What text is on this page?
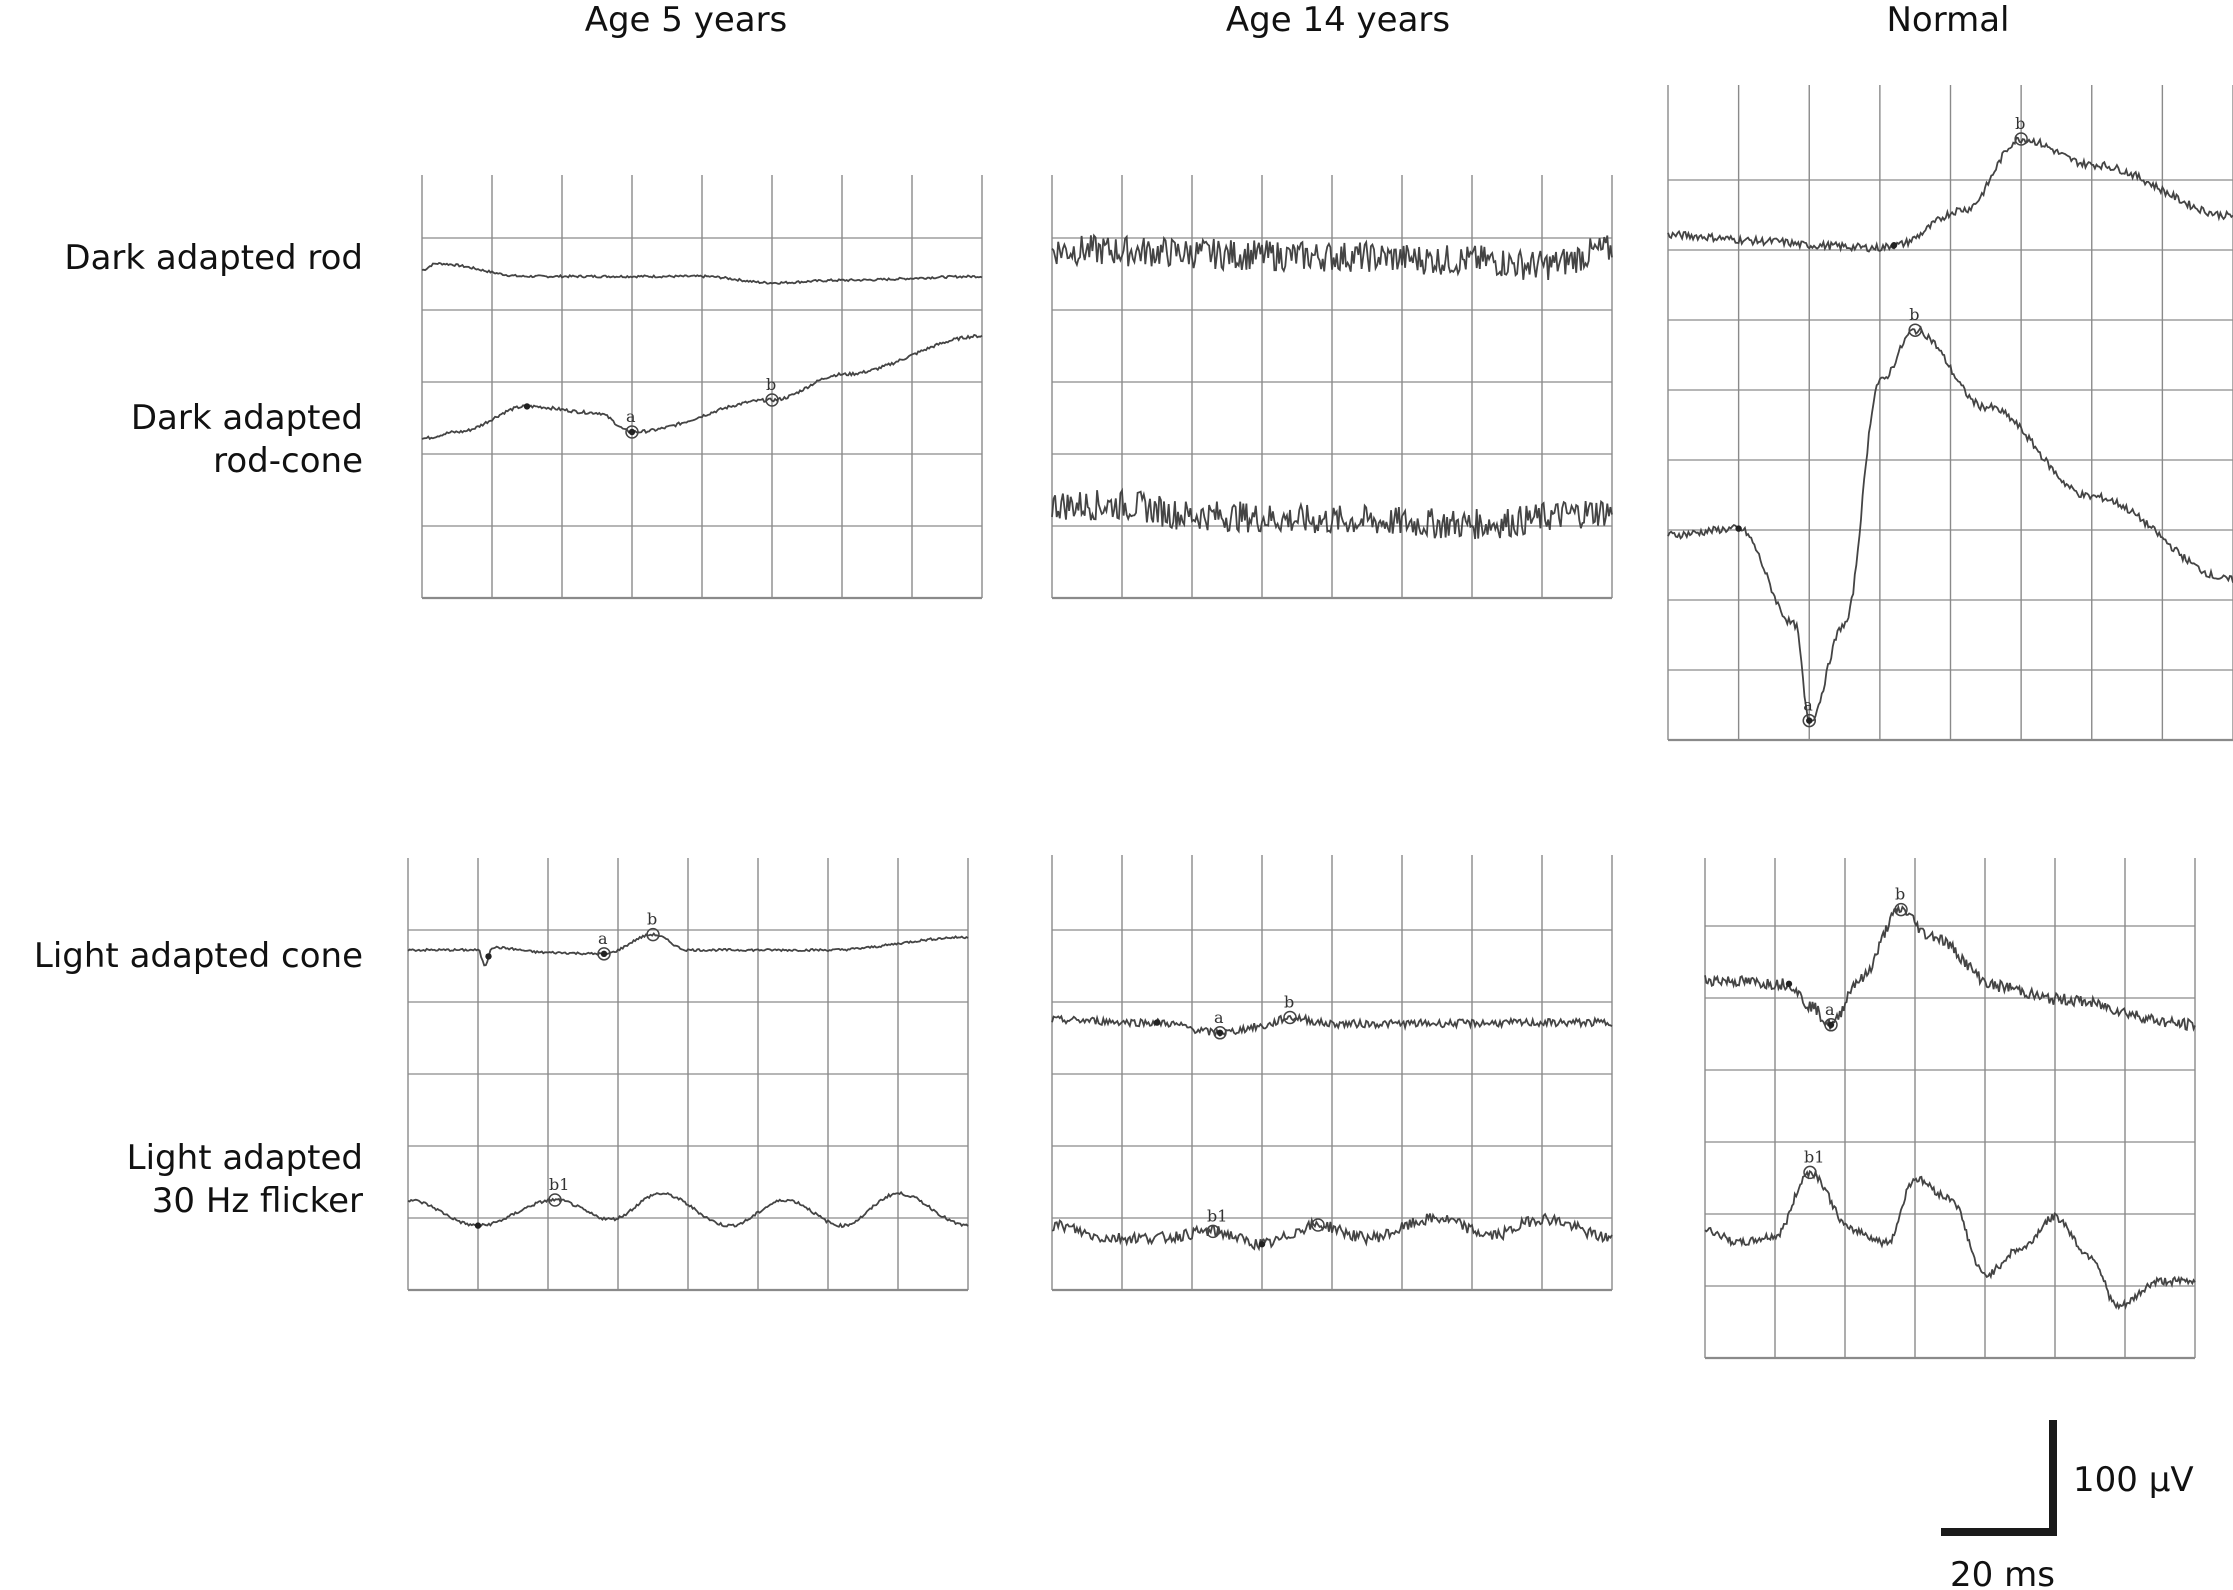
Age 5 years	Age 14 years	Normal
Dark adapted rod
Dark adapted
rod-cone
Light adapted cone
Light adapted
30 Hz flicker
a
b
b
a
b
a
b
b1
a
b
b1
a
b
b1
100 µV
20 ms
